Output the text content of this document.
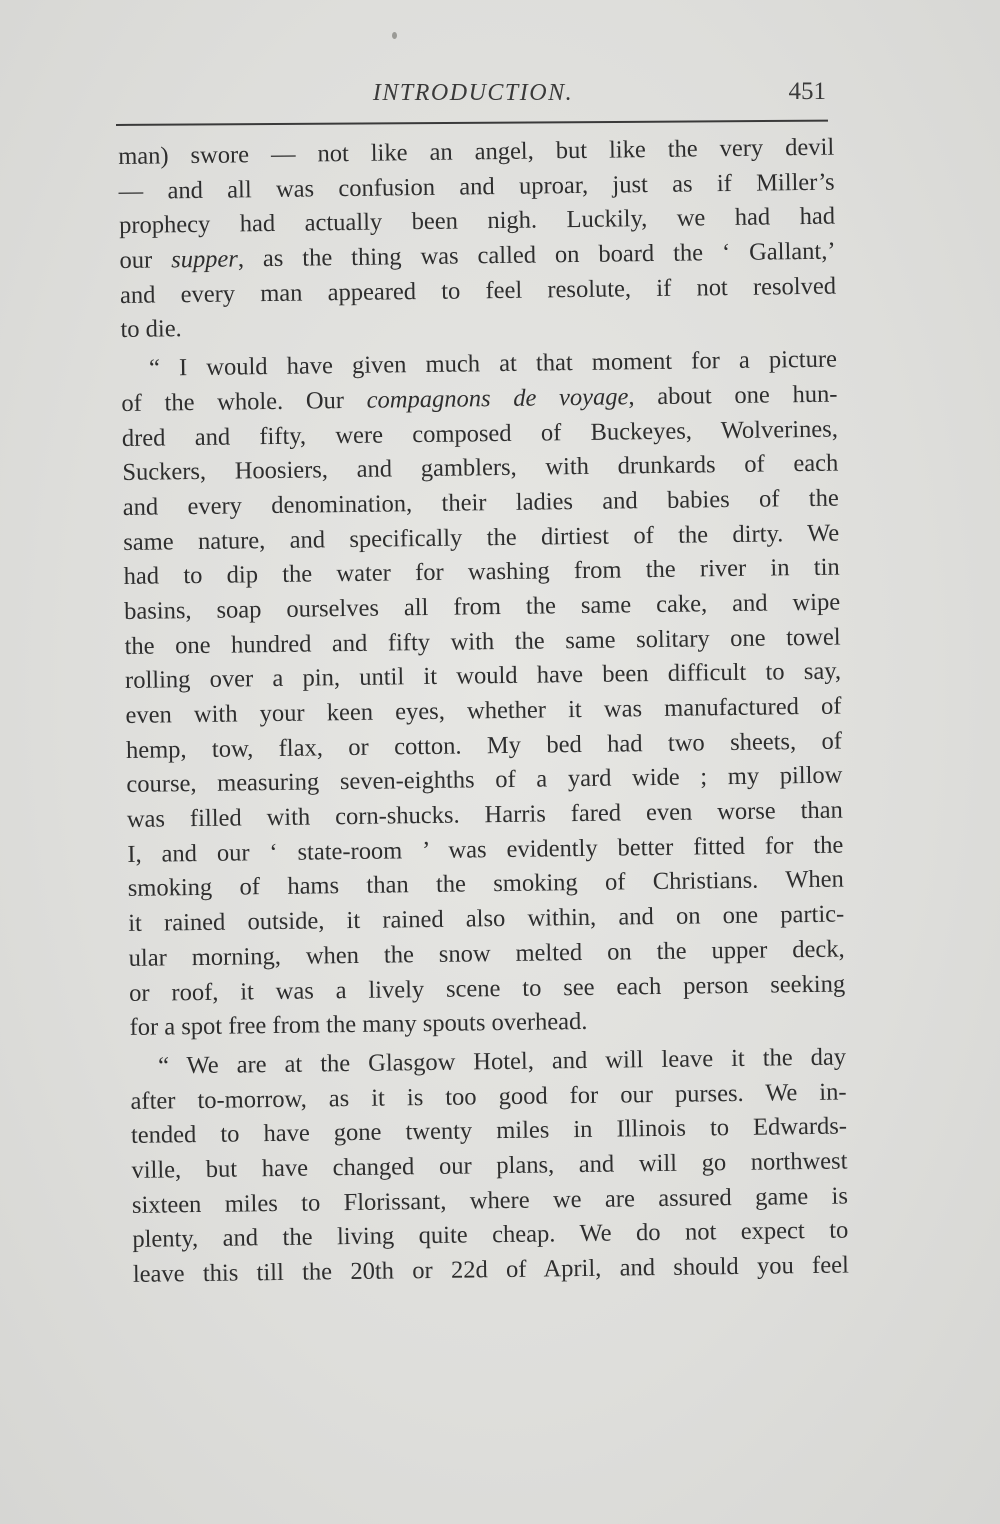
INTRODUCTION.	451
man) swore — not like an angel, but like the very devil
— and all was confusion and uproar, just as if Miller’s
prophecy had actually been nigh. Luckily, we had had
our supper, as the thing was called on board the ‘ Gallant,’
and every man appeared to feel resolute, if not resolved
to die.
“ I would have given much at that moment for a picture
of the whole. Our compagnons de voyage, about one hun-
dred and fifty, were composed of Buckeyes, Wolverines,
Suckers, Hoosiers, and gamblers, with drunkards of each
and every denomination, their ladies and babies of the
same nature, and specifically the dirtiest of the dirty. We
had to dip the water for washing from the river in tin
basins, soap ourselves all from the same cake, and wipe
the one hundred and fifty with the same solitary one towel
rolling over a pin, until it would have been difficult to say,
even with your keen eyes, whether it was manufactured of
hemp, tow, flax, or cotton. My bed had two sheets, of
course, measuring seven-eighths of a yard wide ; my pillow
was filled with corn-shucks. Harris fared even worse than
I, and our ‘ state-room ’ was evidently better fitted for the
smoking of hams than the smoking of Christians. When
it rained outside, it rained also within, and on one partic-
ular morning, when the snow melted on the upper deck,
or roof, it was a lively scene to see each person seeking
for a spot free from the many spouts overhead.
“ We are at the Glasgow Hotel, and will leave it the day
after to-morrow, as it is too good for our purses. We in-
tended to have gone twenty miles in Illinois to Edwards-
ville, but have changed our plans, and will go northwest
sixteen miles to Florissant, where we are assured game is
plenty, and the living quite cheap. We do not expect to
leave this till the 20th or 22d of April, and should you feel
